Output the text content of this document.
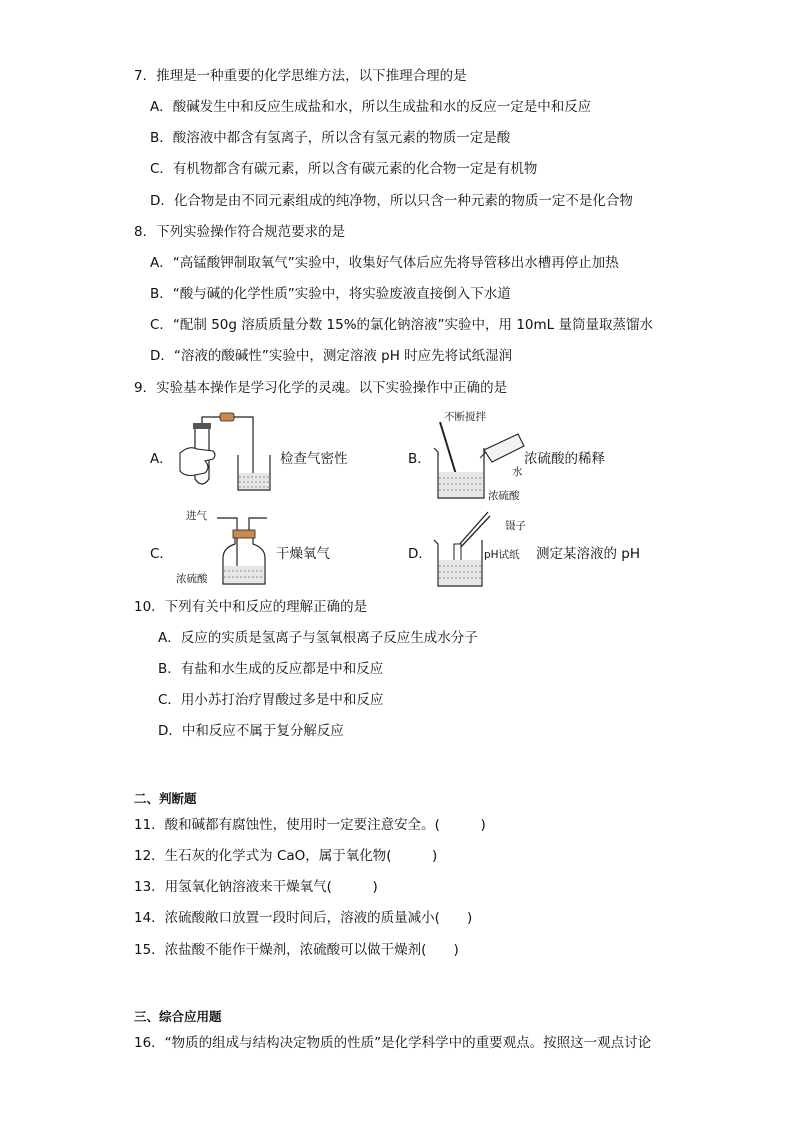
7．推理是一种重要的化学思维方法，以下推理合理的是
A．酸碱发生中和反应生成盐和水，所以生成盐和水的反应一定是中和反应
B．酸溶液中都含有氢离子，所以含有氢元素的物质一定是酸
C．有机物都含有碳元素，所以含有碳元素的化合物一定是有机物
D．化合物是由不同元素组成的纯净物，所以只含一种元素的物质一定不是化合物
8．下列实验操作符合规范要求的是
A．“高锰酸钾制取氧气”实验中，收集好气体后应先将导管移出水槽再停止加热
B．“酸与碱的化学性质”实验中，将实验废液直接倒入下水道
C．“配制 50g 溶质质量分数 15%的氯化钠溶液”实验中，用 10mL 量筒量取蒸馏水
D．“溶液的酸碱性”实验中，测定溶液 pH 时应先将试纸湿润
9．实验基本操作是学习化学的灵魂。以下实验操作中正确的是
A．	检查气密性	B．
不断搅拌
水
浓硫酸
浓硫酸的稀释
C．
进气
浓硫酸
干燥氧气	D．
镊子
pH试纸 测定某溶液的 pH
10．下列有关中和反应的理解正确的是
A．反应的实质是氢离子与氢氧根离子反应生成水分子
B．有盐和水生成的反应都是中和反应
C．用小苏打治疗胃酸过多是中和反应
D．中和反应不属于复分解反应
二、判断题
11．酸和碱都有腐蚀性，使用时一定要注意安全。(　　　)
12．生石灰的化学式为 CaO，属于氧化物(　　　)
13．用氢氧化钠溶液来干燥氧气(　　　)
14．浓硫酸敞口放置一段时间后，溶液的质量减小(　　)
15．浓盐酸不能作干燥剂，浓硫酸可以做干燥剂(　　)
三、综合应用题
16．“物质的组成与结构决定物质的性质”是化学科学中的重要观点。按照这一观点讨论
